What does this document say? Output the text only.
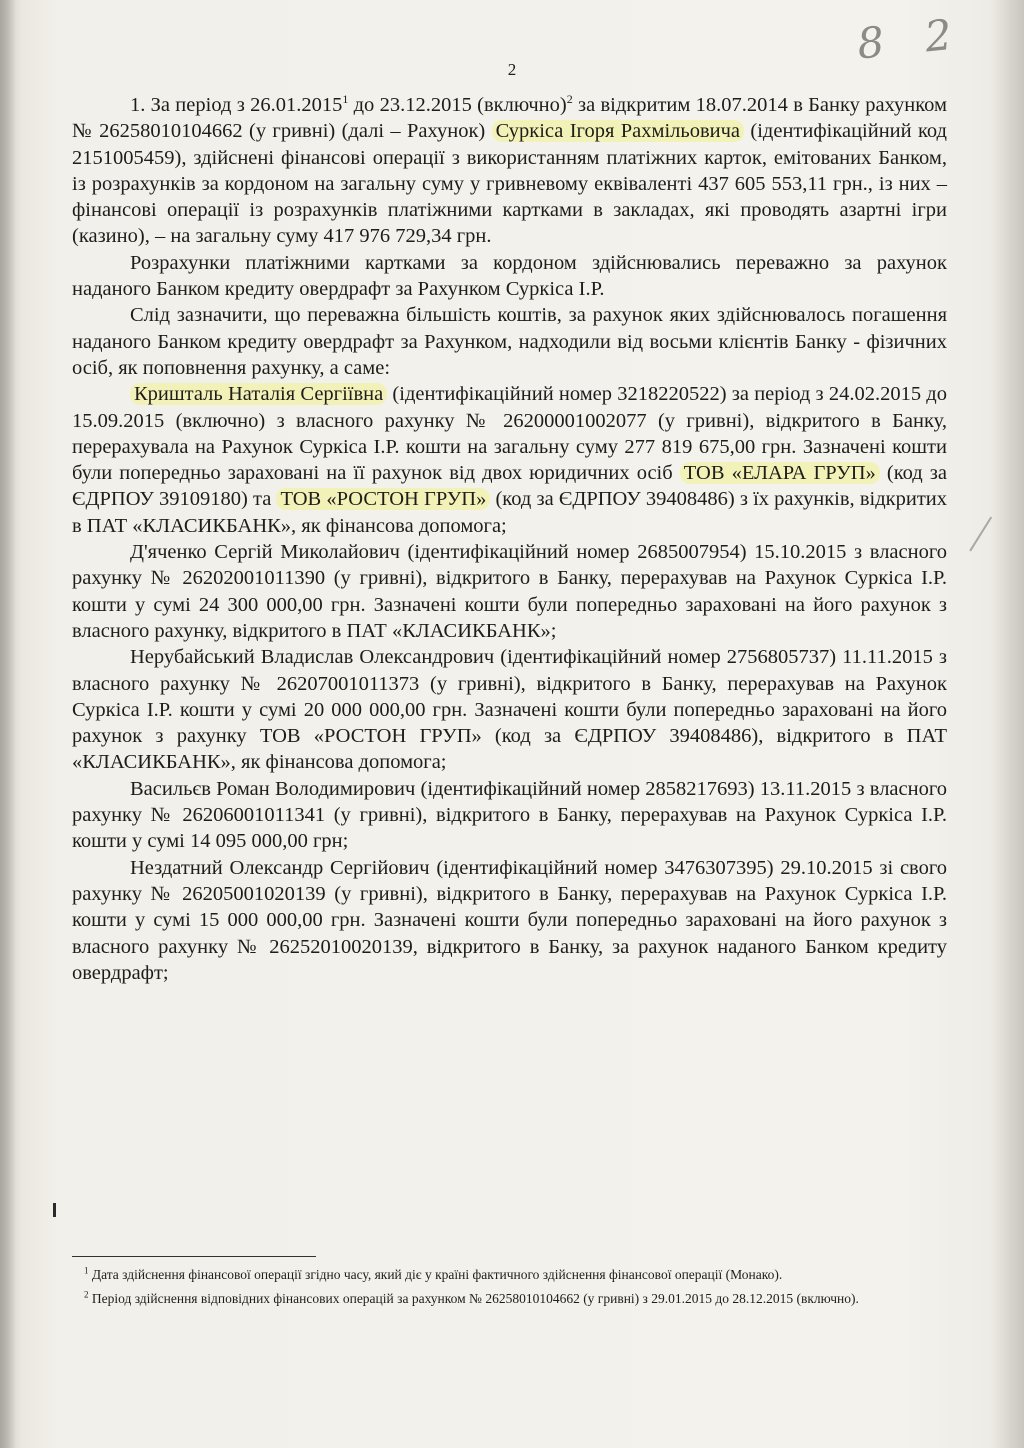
8 2
2

1. За період з 26.01.2015$^1$ до 23.12.2015 (включно)$^2$ за відкритим 18.07.2014 в Банку рахунком № 26258010104662 (у гривні) (далі – Рахунок) Суркіса Ігоря Рахмільовича (ідентифікаційний код 2151005459), здійснені фінансові операції з використанням платіжних карток, емітованих Банком, із розрахунків за кордоном на загальну суму у гривневому еквіваленті 437 605 553,11 грн., із них – фінансові операції із розрахунків платіжними картками в закладах, які проводять азартні ігри (казино), – на загальну суму 417 976 729,34 грн.

Розрахунки платіжними картками за кордоном здійснювались переважно за рахунок наданого Банком кредиту овердрафт за Рахунком Суркіса І.Р.

Слід зазначити, що переважна більшість коштів, за рахунок яких здійснювалось погашення наданого Банком кредиту овердрафт за Рахунком, надходили від восьми клієнтів Банку - фізичних осіб, як поповнення рахунку, а саме:

Кришталь Наталія Сергіївна (ідентифікаційний номер 3218220522) за період з 24.02.2015 до 15.09.2015 (включно) з власного рахунку № 26200001002077 (у гривні), відкритого в Банку, перерахувала на Рахунок Суркіса І.Р. кошти на загальну суму 277 819 675,00 грн. Зазначені кошти були попередньо зараховані на її рахунок від двох юридичних осіб ТОВ «ЕЛАРА ГРУП» (код за ЄДРПОУ 39109180) та ТОВ «РОСТОН ГРУП» (код за ЄДРПОУ 39408486) з їх рахунків, відкритих в ПАТ «КЛАСИКБАНК», як фінансова допомога;

Д'яченко Сергій Миколайович (ідентифікаційний номер 2685007954) 15.10.2015 з власного рахунку № 26202001011390 (у гривні), відкритого в Банку, перерахував на Рахунок Суркіса І.Р. кошти у сумі 24 300 000,00 грн. Зазначені кошти були попередньо зараховані на його рахунок з власного рахунку, відкритого в ПАТ «КЛАСИКБАНК»;

Нерубайський Владислав Олександрович (ідентифікаційний номер 2756805737) 11.11.2015 з власного рахунку № 26207001011373 (у гривні), відкритого в Банку, перерахував на Рахунок Суркіса І.Р. кошти у сумі 20 000 000,00 грн. Зазначені кошти були попередньо зараховані на його рахунок з рахунку ТОВ «РОСТОН ГРУП» (код за ЄДРПОУ 39408486), відкритого в ПАТ «КЛАСИКБАНК», як фінансова допомога;

Васильєв Роман Володимирович (ідентифікаційний номер 2858217693) 13.11.2015 з власного рахунку № 26206001011341 (у гривні), відкритого в Банку, перерахував на Рахунок Суркіса І.Р. кошти у сумі 14 095 000,00 грн;

Нездатний Олександр Сергійович (ідентифікаційний номер 3476307395) 29.10.2015 зі свого рахунку № 26205001020139 (у гривні), відкритого в Банку, перерахував на Рахунок Суркіса І.Р. кошти у сумі 15 000 000,00 грн. Зазначені кошти були попередньо зараховані на його рахунок з власного рахунку № 26252010020139, відкритого в Банку, за рахунок наданого Банком кредиту овердрафт;

$^1$ Дата здійснення фінансової операції згідно часу, який діє у країні фактичного здійснення фінансової операції (Монако).

$^2$ Період здійснення відповідних фінансових операцій за рахунком № 26258010104662 (у гривні) з 29.01.2015 до 28.12.2015 (включно).
